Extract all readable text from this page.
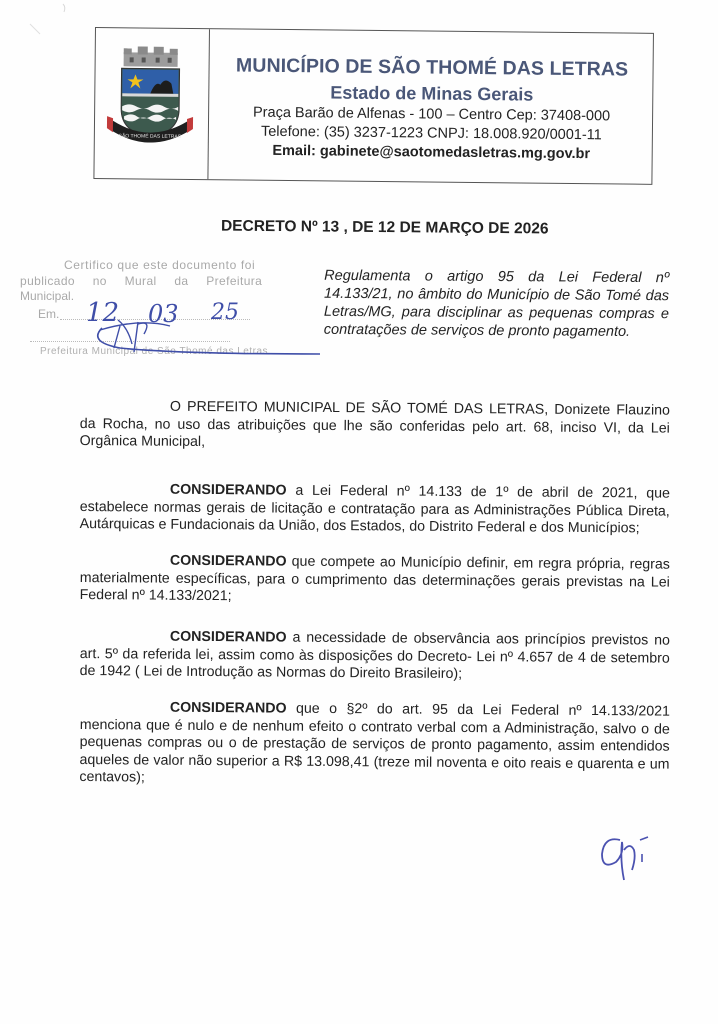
SÃO THOMÉ DAS LETRAS
MUNICÍPIO DE SÃO THOMÉ DAS LETRAS
Estado de Minas Gerais
Praça Barão de Alfenas - 100 – Centro Cep: 37408-000
Telefone: (35) 3237-1223 CNPJ: 18.008.920/0001-11
Email: gabinete@saotomedasletras.mg.gov.br
DECRETO Nº 13 , DE 12 DE MARÇO DE 2026
Certifico que este documento foi
publicado no Mural da Prefeitura
Municipal.
Em.
Prefeitura Municipal de São Thomé das Letras
12 03 25
Regulamenta o artigo 95 da Lei Federal nº 14.133/21, no âmbito do Município de São Tomé das Letras/MG, para disciplinar as pequenas compras e contratações de serviços de pronto pagamento.
O PREFEITO MUNICIPAL DE SÃO TOMÉ DAS LETRAS, Donizete Flauzino da Rocha, no uso das atribuições que lhe são conferidas pelo art. 68, inciso VI, da Lei Orgânica Municipal,
CONSIDERANDO a Lei Federal nº 14.133 de 1º de abril de 2021, que estabelece normas gerais de licitação e contratação para as Administrações Pública Direta, Autárquicas e Fundacionais da União, dos Estados, do Distrito Federal e dos Municípios;
CONSIDERANDO que compete ao Município definir, em regra própria, regras materialmente específicas, para o cumprimento das determinações gerais previstas na Lei Federal nº 14.133/2021;
CONSIDERANDO a necessidade de observância aos princípios previstos no art. 5º da referida lei, assim como às disposições do Decreto- Lei nº 4.657 de 4 de setembro de 1942 ( Lei de Introdução as Normas do Direito Brasileiro);
CONSIDERANDO que o §2º do art. 95 da Lei Federal nº 14.133/2021 menciona que é nulo e de nenhum efeito o contrato verbal com a Administração, salvo o de pequenas compras ou o de prestação de serviços de pronto pagamento, assim entendidos aqueles de valor não superior a R$ 13.098,41 (treze mil noventa e oito reais e quarenta e um centavos);
